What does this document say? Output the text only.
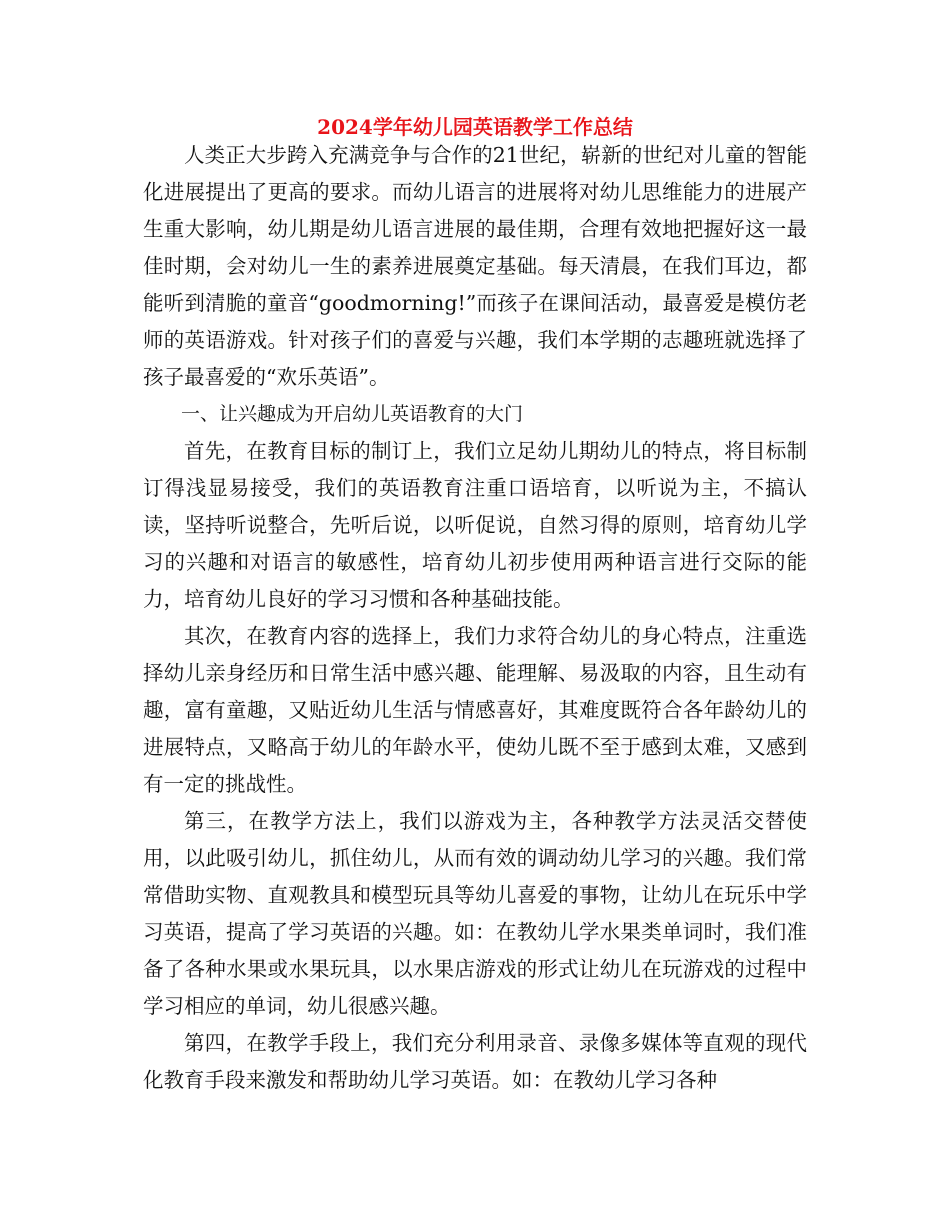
2024学年幼儿园英语教学工作总结

人类正大步跨入充满竞争与合作的21世纪，崭新的世纪对儿童的智能化进展提出了更高的要求。而幼儿语言的进展将对幼儿思维能力的进展产生重大影响，幼儿期是幼儿语言进展的最佳期，合理有效地把握好这一最佳时期，会对幼儿一生的素养进展奠定基础。每天清晨，在我们耳边，都能听到清脆的童音“goodmorning!”而孩子在课间活动，最喜爱是模仿老师的英语游戏。针对孩子们的喜爱与兴趣，我们本学期的志趣班就选择了孩子最喜爱的“欢乐英语”。

一、让兴趣成为开启幼儿英语教育的大门

首先，在教育目标的制订上，我们立足幼儿期幼儿的特点，将目标制订得浅显易接受，我们的英语教育注重口语培育，以听说为主，不搞认读，坚持听说整合，先听后说，以听促说，自然习得的原则，培育幼儿学习的兴趣和对语言的敏感性，培育幼儿初步使用两种语言进行交际的能力，培育幼儿良好的学习习惯和各种基础技能。

其次，在教育内容的选择上，我们力求符合幼儿的身心特点，注重选择幼儿亲身经历和日常生活中感兴趣、能理解、易汲取的内容，且生动有趣，富有童趣，又贴近幼儿生活与情感喜好，其难度既符合各年龄幼儿的进展特点，又略高于幼儿的年龄水平，使幼儿既不至于感到太难，又感到有一定的挑战性。

第三，在教学方法上，我们以游戏为主，各种教学方法灵活交替使用，以此吸引幼儿，抓住幼儿，从而有效的调动幼儿学习的兴趣。我们常常借助实物、直观教具和模型玩具等幼儿喜爱的事物，让幼儿在玩乐中学习英语，提高了学习英语的兴趣。如：在教幼儿学水果类单词时，我们准备了各种水果或水果玩具，以水果店游戏的形式让幼儿在玩游戏的过程中学习相应的单词，幼儿很感兴趣。

第四，在教学手段上，我们充分利用录音、录像多媒体等直观的现代化教育手段来激发和帮助幼儿学习英语。如：在教幼儿学习各种
